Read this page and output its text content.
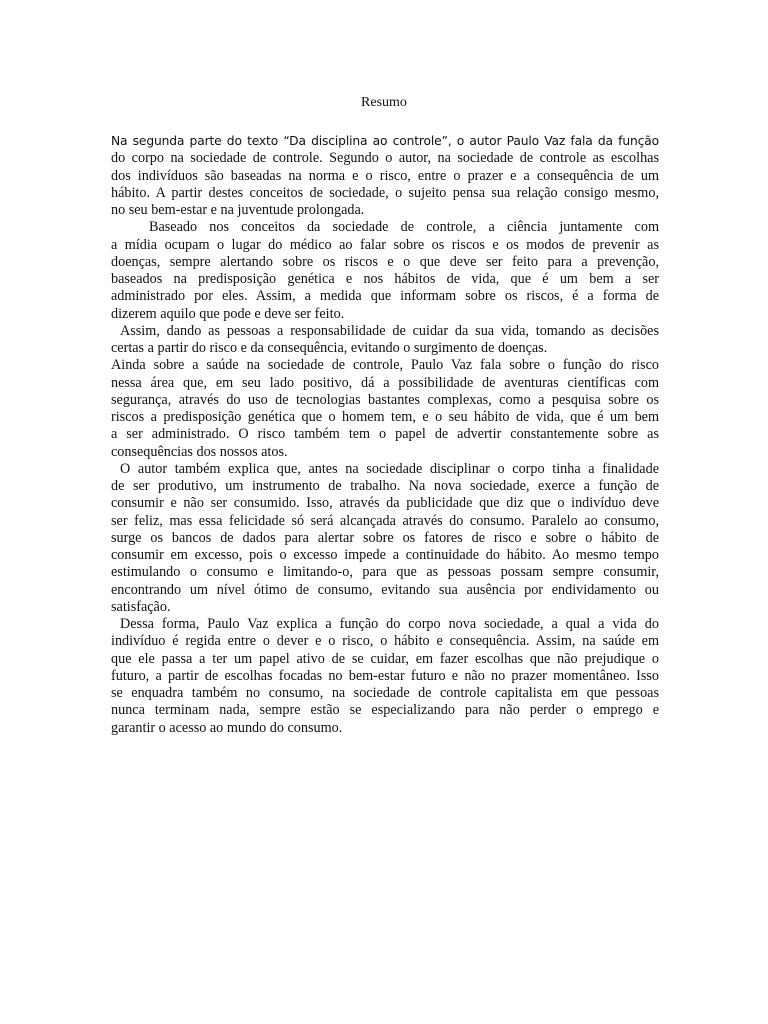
Resumo
Na segunda parte do texto “Da disciplina ao controle”, o autor Paulo Vaz fala da função
do corpo na sociedade de controle. Segundo o autor, na sociedade de controle as escolhas
dos indivíduos são baseadas na norma e o risco, entre o prazer e a consequência de um
hábito. A partir destes conceitos de sociedade, o sujeito pensa sua relação consigo mesmo,
no seu bem-estar e na juventude prolongada.
Baseado nos conceitos da sociedade de controle, a ciência juntamente com
a mídia ocupam o lugar do médico ao falar sobre os riscos e os modos de prevenir as
doenças, sempre alertando sobre os riscos e o que deve ser feito para a prevenção,
baseados na predisposição genética e nos hábitos de vida, que é um bem a ser
administrado por eles. Assim, a medida que informam sobre os riscos, é a forma de
dizerem aquilo que pode e deve ser feito.
Assim, dando as pessoas a responsabilidade de cuidar da sua vida, tomando as decisões
certas a partir do risco e da consequência, evitando o surgimento de doenças.
Ainda sobre a saúde na sociedade de controle, Paulo Vaz fala sobre o função do risco
nessa área que, em seu lado positivo, dá a possibilidade de aventuras científicas com
segurança, através do uso de tecnologias bastantes complexas, como a pesquisa sobre os
riscos a predisposição genética que o homem tem, e o seu hábito de vida, que é um bem
a ser administrado. O risco também tem o papel de advertir constantemente sobre as
consequências dos nossos atos.
O autor também explica que, antes na sociedade disciplinar o corpo tinha a finalidade
de ser produtivo, um instrumento de trabalho. Na nova sociedade, exerce a função de
consumir e não ser consumido. Isso, através da publicidade que diz que o indivíduo deve
ser feliz, mas essa felicidade só será alcançada através do consumo. Paralelo ao consumo,
surge os bancos de dados para alertar sobre os fatores de risco e sobre o hábito de
consumir em excesso, pois o excesso impede a continuidade do hábito. Ao mesmo tempo
estimulando o consumo e limitando-o, para que as pessoas possam sempre consumir,
encontrando um nível ótimo de consumo, evitando sua ausência por endividamento ou
satisfação.
Dessa forma, Paulo Vaz explica a função do corpo nova sociedade, a qual a vida do
indivíduo é regida entre o dever e o risco, o hábito e consequência. Assim, na saúde em
que ele passa a ter um papel ativo de se cuidar, em fazer escolhas que não prejudique o
futuro, a partir de escolhas focadas no bem-estar futuro e não no prazer momentâneo. Isso
se enquadra também no consumo, na sociedade de controle capitalista em que pessoas
nunca terminam nada, sempre estão se especializando para não perder o emprego e
garantir o acesso ao mundo do consumo.
